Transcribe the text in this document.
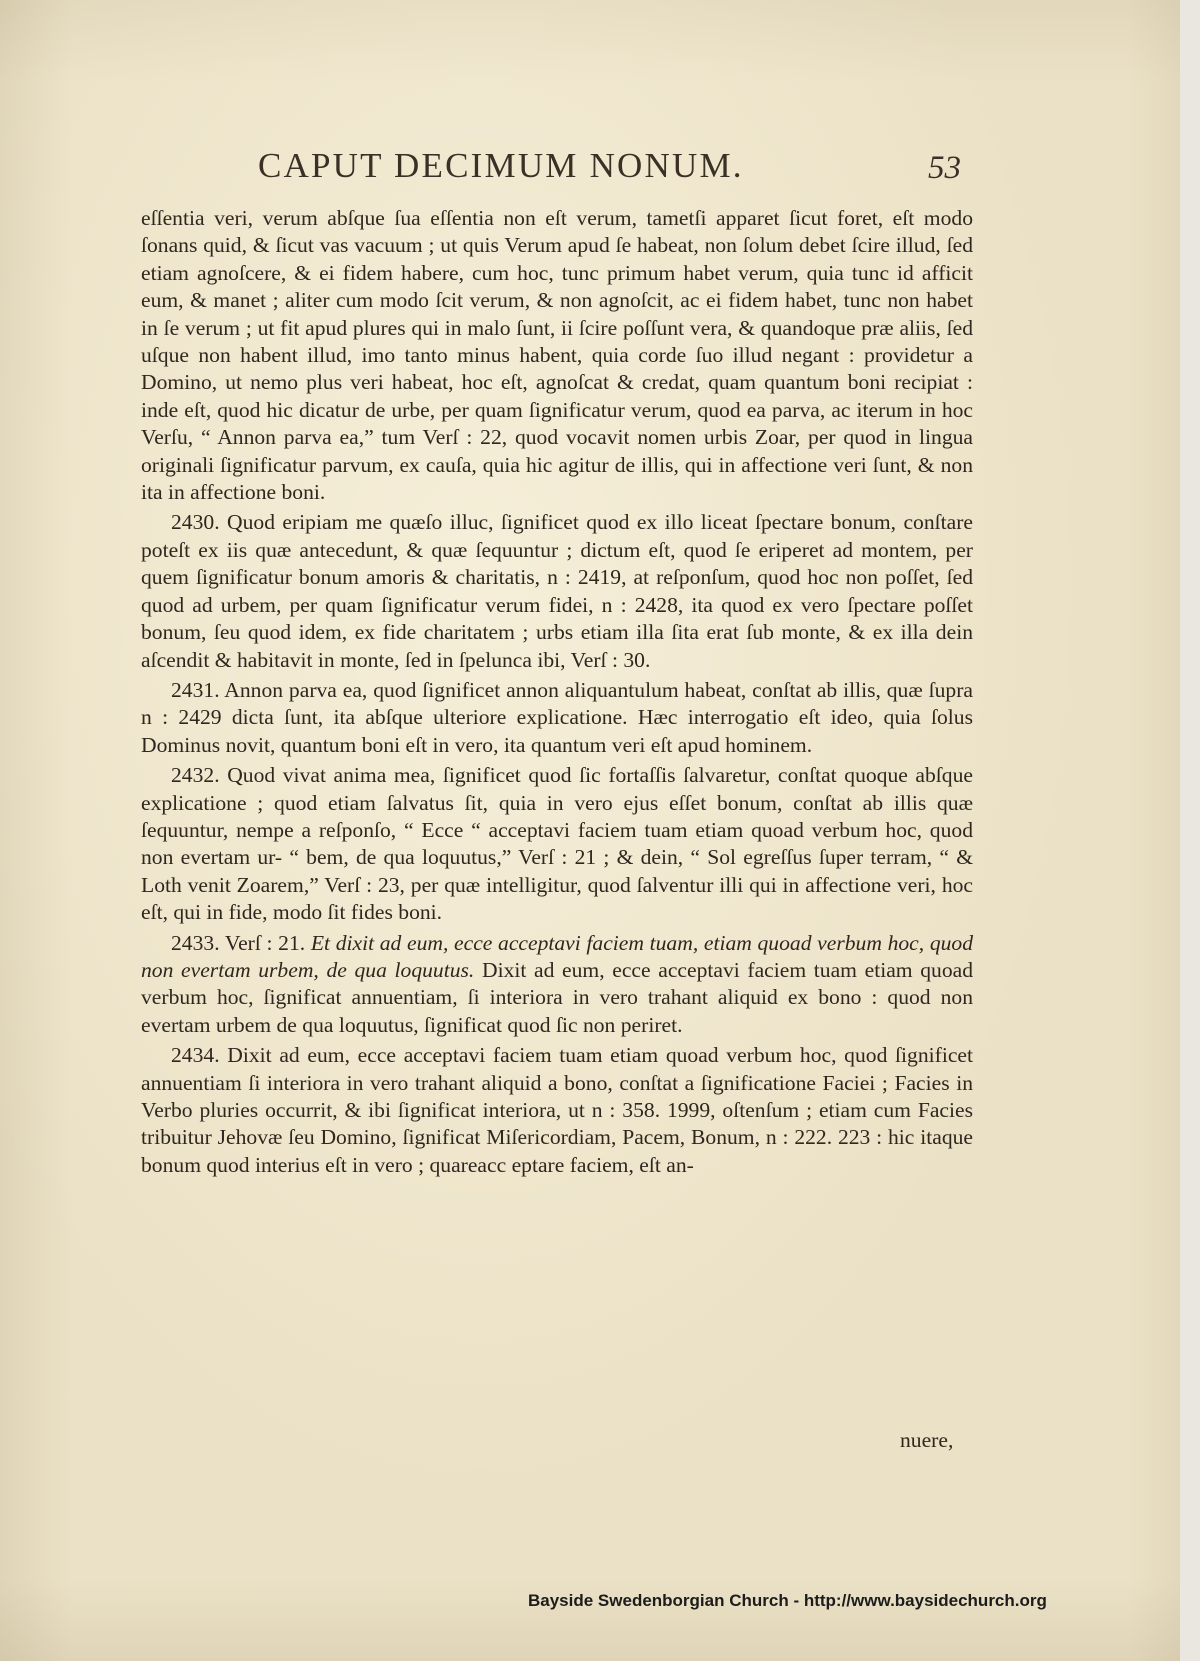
CAPUT DECIMUM NONUM.	53

eſſentia veri, verum abſque ſua eſſentia non eſt verum, tametſi apparet ſicut foret, eſt modo ſonans quid, & ſicut vas vacuum ; ut quis Verum apud ſe habeat, non ſolum debet ſcire illud, ſed etiam agnoſcere, & ei fidem habere, cum hoc, tunc primum habet verum, quia tunc id afficit eum, & manet ; aliter cum modo ſcit verum, & non agnoſcit, ac ei fidem habet, tunc non habet in ſe verum ; ut fit apud plures qui in malo ſunt, ii ſcire poſſunt vera, & quandoque præ aliis, ſed uſque non habent illud, imo tanto minus habent, quia corde ſuo illud negant : providetur a Domino, ut nemo plus veri habeat, hoc eſt, agnoſcat & credat, quam quantum boni recipiat : inde eſt, quod hic dicatur de urbe, per quam ſignificatur verum, quod ea parva, ac iterum in hoc Verſu, “ Annon parva ea,” tum Verſ : 22, quod vocavit nomen urbis Zoar, per quod in lingua originali ſignificatur parvum, ex cauſa, quia hic agitur de illis, qui in affectione veri ſunt, & non ita in affectione boni.

2430. Quod eripiam me quæſo illuc, ſignificet quod ex illo liceat ſpectare bonum, conſtare poteſt ex iis quæ antecedunt, & quæ ſequuntur ; dictum eſt, quod ſe eriperet ad montem, per quem ſignificatur bonum amoris & charitatis, n : 2419, at reſponſum, quod hoc non poſſet, ſed quod ad urbem, per quam ſignificatur verum fidei, n : 2428, ita quod ex vero ſpectare poſſet bonum, ſeu quod idem, ex fide charitatem ; urbs etiam illa ſita erat ſub monte, & ex illa dein aſcendit & habitavit in monte, ſed in ſpelunca ibi, Verſ : 30.

2431. Annon parva ea, quod ſignificet annon aliquantulum habeat, conſtat ab illis, quæ ſupra n : 2429 dicta ſunt, ita abſque ulteriore explicatione. Hæc interrogatio eſt ideo, quia ſolus Dominus novit, quantum boni eſt in vero, ita quantum veri eſt apud hominem.

2432. Quod vivat anima mea, ſignificet quod ſic fortaſſis ſalvaretur, conſtat quoque abſque explicatione ; quod etiam ſalvatus ſit, quia in vero ejus eſſet bonum, conſtat ab illis quæ ſequuntur, nempe a reſponſo, “ Ecce “ acceptavi faciem tuam etiam quoad verbum hoc, quod non evertam ur- “ bem, de qua loquutus,” Verſ : 21 ; & dein, “ Sol egreſſus ſuper terram, “ & Loth venit Zoarem,” Verſ : 23, per quæ intelligitur, quod ſalventur illi qui in affectione veri, hoc eſt, qui in fide, modo ſit fides boni.

2433. Verſ : 21. Et dixit ad eum, ecce acceptavi faciem tuam, etiam quoad verbum hoc, quod non evertam urbem, de qua loquutus. Dixit ad eum, ecce acceptavi faciem tuam etiam quoad verbum hoc, ſignificat annuentiam, ſi interiora in vero trahant aliquid ex bono : quod non evertam urbem de qua loquutus, ſignificat quod ſic non periret.

2434. Dixit ad eum, ecce acceptavi faciem tuam etiam quoad verbum hoc, quod ſignificet annuentiam ſi interiora in vero trahant aliquid a bono, conſtat a ſignificatione Faciei ; Facies in Verbo pluries occurrit, & ibi ſignificat interiora, ut n : 358. 1999, oſtenſum ; etiam cum Facies tribuitur Jehovæ ſeu Domino, ſignificat Miſericordiam, Pacem, Bonum, n : 222. 223 : hic itaque bonum quod interius eſt in vero ; quareacc eptare faciem, eſt an-

nuere,
Bayside Swedenborgian Church - http://www.baysidechurch.org
